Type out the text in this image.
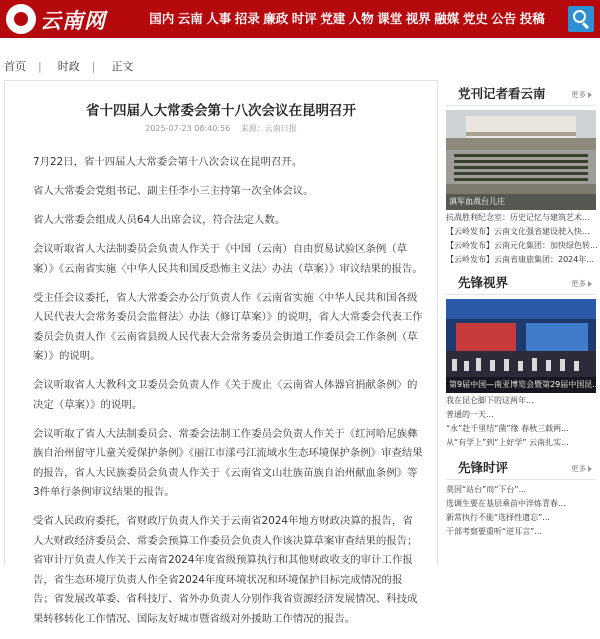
云南网	国内 云南 人事 招录 廉政 时评 党建 人物 课堂 视界 融媒 党史 公告 投稿
首页	|	时政	|	正文
省十四届人大常委会第十八次会议在昆明召开
2025-07-23 08:40:56 来源：云南日报

7月22日，省十四届人大常委会第十八次会议在昆明召开。

省人大常委会党组书记、副主任李小三主持第一次全体会议。

省人大常委会组成人员64人出席会议，符合法定人数。

会议听取省人大法制委员会负责人作关于《中国（云南）自由贸易试验区条例（草案）》《云南省实施〈中华人民共和国反恐怖主义法〉办法（草案）》审议结果的报告。

受主任会议委托，省人大常委会办公厅负责人作《云南省实施〈中华人民共和国各级人民代表大会常务委员会监督法〉办法（修订草案）》的说明，省人大常委会代表工作委员会负责人作《云南省县级人民代表大会常务委员会街道工作委员会工作条例（草案）》的说明。

会议听取省人大教科文卫委员会负责人作《关于废止〈云南省人体器官捐献条例〉的决定（草案）》的说明。

会议听取了省人大法制委员会、常委会法制工作委员会负责人作关于《红河哈尼族彝族自治州留守儿童关爱保护条例》《丽江市漾弓江流域水生态环境保护条例》审查结果的报告，省人大民族委员会负责人作关于《云南省文山壮族苗族自治州献血条例》等3件单行条例审议结果的报告。

受省人民政府委托，省财政厅负责人作关于云南省2024年地方财政决算的报告，省人大财政经济委员会、常委会预算工作委员会负责人作该决算草案审查结果的报告；省审计厅负责人作关于云南省2024年度省级预算执行和其他财政收支的审计工作报告，省生态环境厅负责人作全省2024年度环境状况和环境保护目标完成情况的报告；省发展改革委、省科技厅、省外办负责人分别作我省资源经济发展情况、科技成果转移转化工作情况、国际友好城市暨省级对外援助工作情况的报告。

党刊记者看云南	更多
滇军血战台儿庄
抗战胜利纪念室：历史记忆与建筑艺术...
【云岭发布】云南文化强省建设驶入快...
【云岭发布】云南元化集团：加快绿色转...
【云岭发布】云南省康旅集团：2024年...
先锋视界	更多
第9届中国—南亚博览会暨第29届中国昆...
我在昆仑脚下的这两年...
普通的一天...
“永”赴千里结“菌”缘 春秋三载两...
从“有学上”到“上好学” 云南扎实...
先锋时评	更多
莫因“站台”而“下台”...
选调生要在基层乘苗中淬炼青春...
新常执行不能“选择性遗忘”...
干部考察要重听“逆耳言”...
